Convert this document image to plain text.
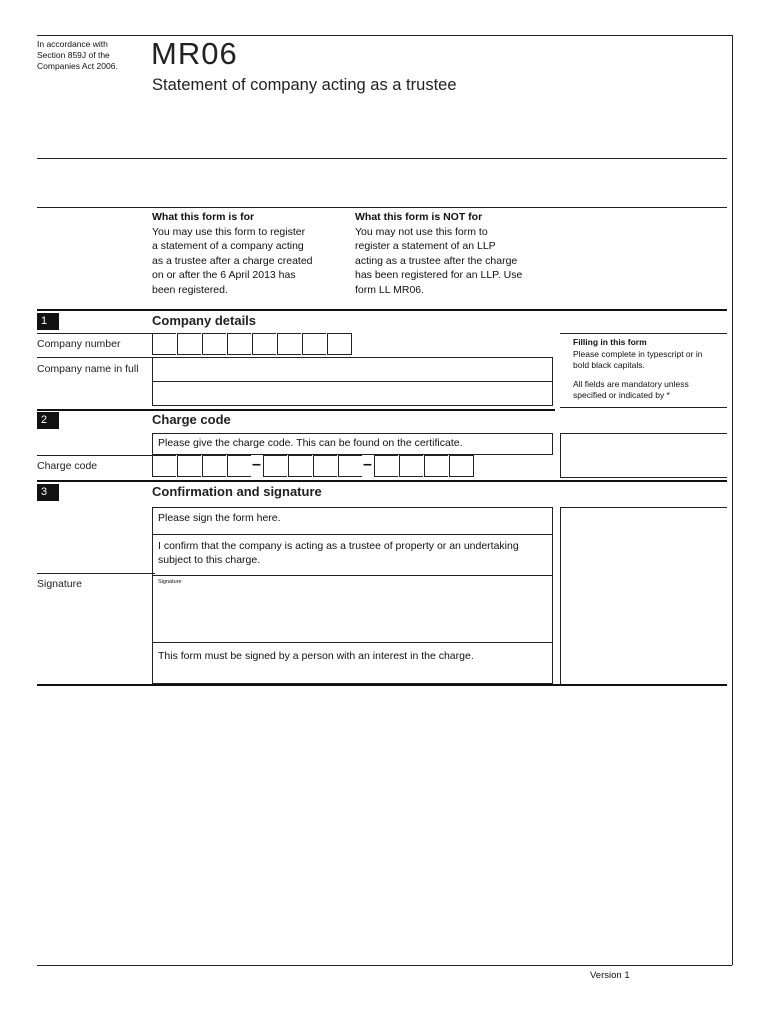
In accordance with
Section 859J of the
Companies Act 2006.	MR06
Statement of company acting as a trustee
What this form is for
You may use this form to register
a statement of a company acting
as a trustee after a charge created
on or after the 6 April 2013 has
been registered.
What this form is NOT for
You may not use this form to
register a statement of an LLP
acting as a trustee after the charge
has been registered for an LLP. Use
form LL MR06.
1	Company details
Company number
Company name in full
Filling in this form
Please complete in typescript or in
bold black capitals.
All fields are mandatory unless
specified or indicated by *
2	Charge code
Please give the charge code. This can be found on the certificate.
Charge code	–	–
3	Confirmation and signature
Please sign the form here.
I confirm that the company is acting as a trustee of property or an undertaking
subject to this charge.
Signature
This form must be signed by a person with an interest in the charge.
Signature
Version 1
